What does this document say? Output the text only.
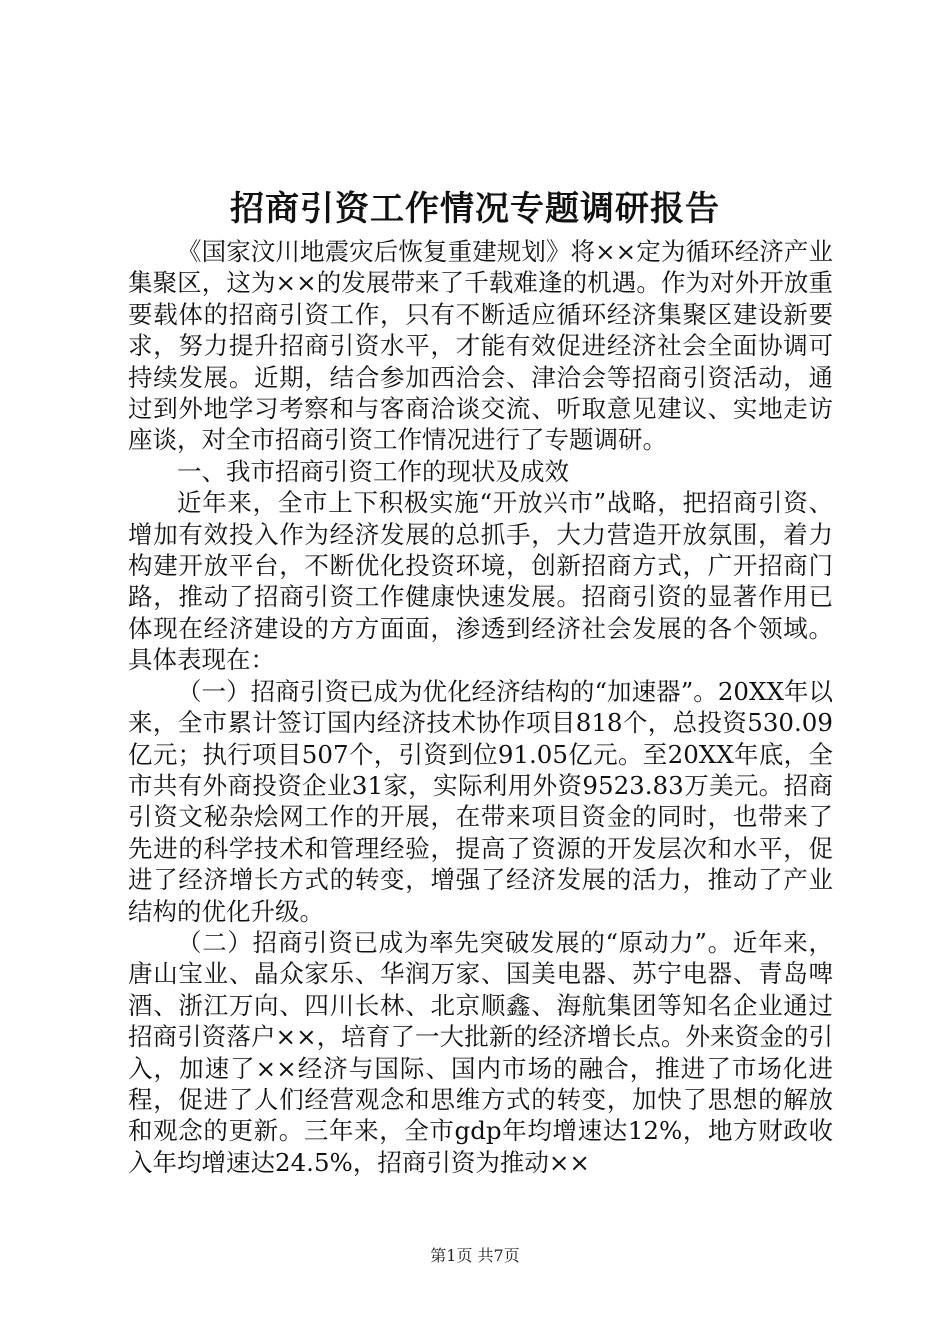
招商引资工作情况专题调研报告

《国家汶川地震灾后恢复重建规划》将××定为循环经济产业集聚区，这为××的发展带来了千载难逢的机遇。作为对外开放重要载体的招商引资工作，只有不断适应循环经济集聚区建设新要求，努力提升招商引资水平，才能有效促进经济社会全面协调可持续发展。近期，结合参加西洽会、津洽会等招商引资活动，通过到外地学习考察和与客商洽谈交流、听取意见建议、实地走访座谈，对全市招商引资工作情况进行了专题调研。

一、我市招商引资工作的现状及成效

近年来，全市上下积极实施“开放兴市”战略，把招商引资、增加有效投入作为经济发展的总抓手，大力营造开放氛围，着力构建开放平台，不断优化投资环境，创新招商方式，广开招商门路，推动了招商引资工作健康快速发展。招商引资的显著作用已体现在经济建设的方方面面，渗透到经济社会发展的各个领域。具体表现在：

（一）招商引资已成为优化经济结构的“加速器”。20XX年以来，全市累计签订国内经济技术协作项目818个，总投资530.09亿元；执行项目507个，引资到位91.05亿元。至20XX年底，全市共有外商投资企业31家，实际利用外资9523.83万美元。招商引资文秘杂烩网工作的开展，在带来项目资金的同时，也带来了先进的科学技术和管理经验，提高了资源的开发层次和水平，促进了经济增长方式的转变，增强了经济发展的活力，推动了产业结构的优化升级。

（二）招商引资已成为率先突破发展的“原动力”。近年来，唐山宝业、晶众家乐、华润万家、国美电器、苏宁电器、青岛啤酒、浙江万向、四川长林、北京顺鑫、海航集团等知名企业通过招商引资落户××，培育了一大批新的经济增长点。外来资金的引入，加速了××经济与国际、国内市场的融合，推进了市场化进程，促进了人们经营观念和思维方式的转变，加快了思想的解放和观念的更新。三年来，全市gdp年均增速达12%，地方财政收入年均增速达24.5%，招商引资为推动××

第1页 共7页
